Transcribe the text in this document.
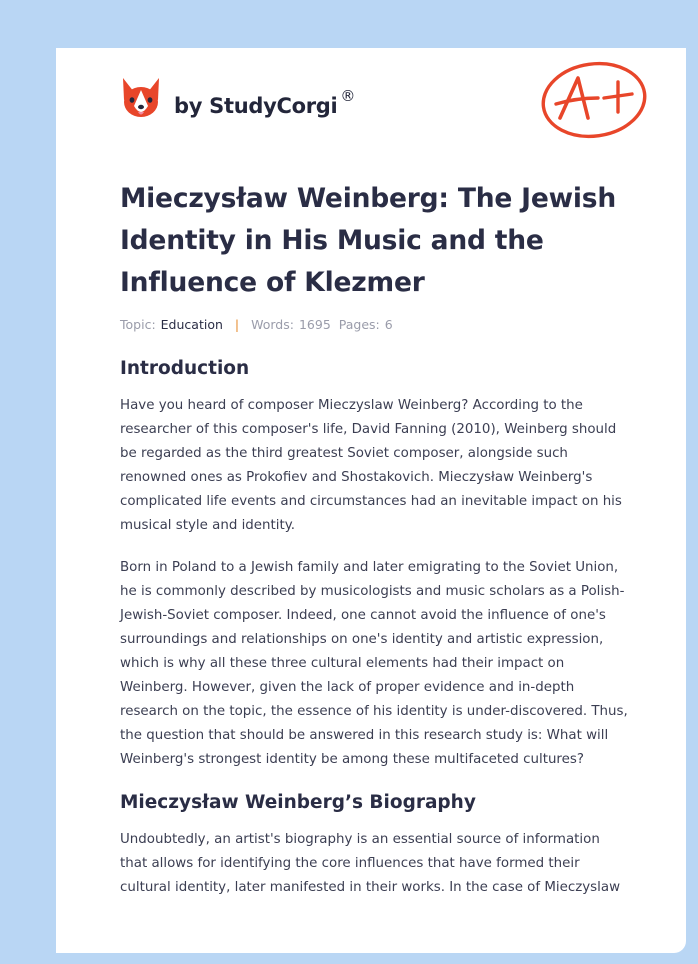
by StudyCorgi ®
Mieczysław Weinberg: The Jewish Identity in His Music and the Influence of Klezmer
Topic: Education | Words: 1695 Pages: 6
Introduction

Have you heard of composer Mieczyslaw Weinberg? According to the researcher of this composer's life, David Fanning (2010), Weinberg should be regarded as the third greatest Soviet composer, alongside such renowned ones as Prokofiev and Shostakovich. Mieczysław Weinberg's complicated life events and circumstances had an inevitable impact on his musical style and identity.

Born in Poland to a Jewish family and later emigrating to the Soviet Union, he is commonly described by musicologists and music scholars as a Polish-Jewish-Soviet composer. Indeed, one cannot avoid the influence of one's surroundings and relationships on one's identity and artistic expression, which is why all these three cultural elements had their impact on Weinberg. However, given the lack of proper evidence and in-depth research on the topic, the essence of his identity is under-discovered. Thus, the question that should be answered in this research study is: What will Weinberg's strongest identity be among these multifaceted cultures?

Mieczysław Weinberg’s Biography

Undoubtedly, an artist's biography is an essential source of information that allows for identifying the core influences that have formed their cultural identity, later manifested in their works. In the case of Mieczyslaw
